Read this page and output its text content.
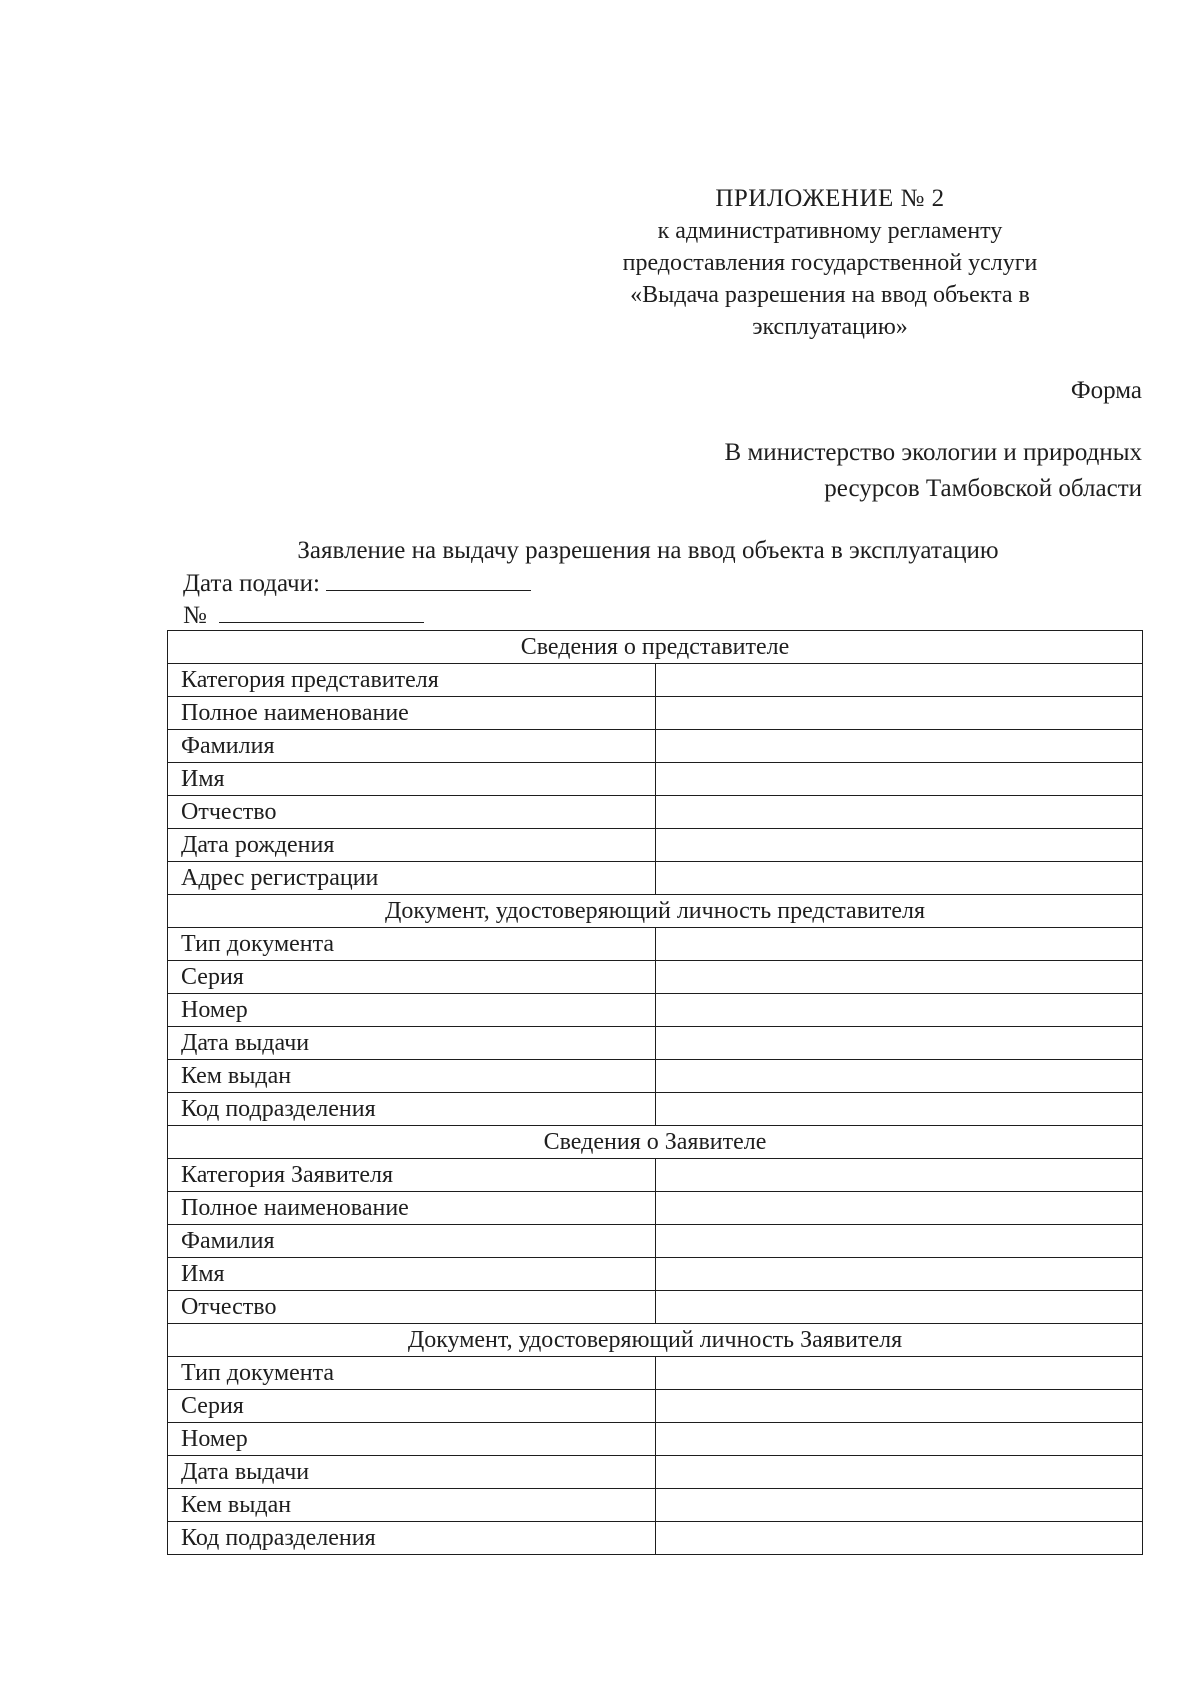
ПРИЛОЖЕНИЕ № 2
к административному регламенту
предоставления государственной услуги
«Выдача разрешения на ввод объекта в
эксплуатацию»
Форма
В министерство экологии и природных
ресурсов Тамбовской области
Заявление на выдачу разрешения на ввод объекта в эксплуатацию
Дата подачи:
№
Сведения о представителе	
Категория представителя	
Полное наименование	
Фамилия	
Имя	
Отчество	
Дата рождения	
Адрес регистрации	
Документ, удостоверяющий личность представителя	
Тип документа	
Серия	
Номер	
Дата выдачи	
Кем выдан	
Код подразделения	
Сведения о Заявителе	
Категория Заявителя	
Полное наименование	
Фамилия	
Имя	
Отчество	
Документ, удостоверяющий личность Заявителя	
Тип документа	
Серия	
Номер	
Дата выдачи	
Кем выдан	
Код подразделения	
